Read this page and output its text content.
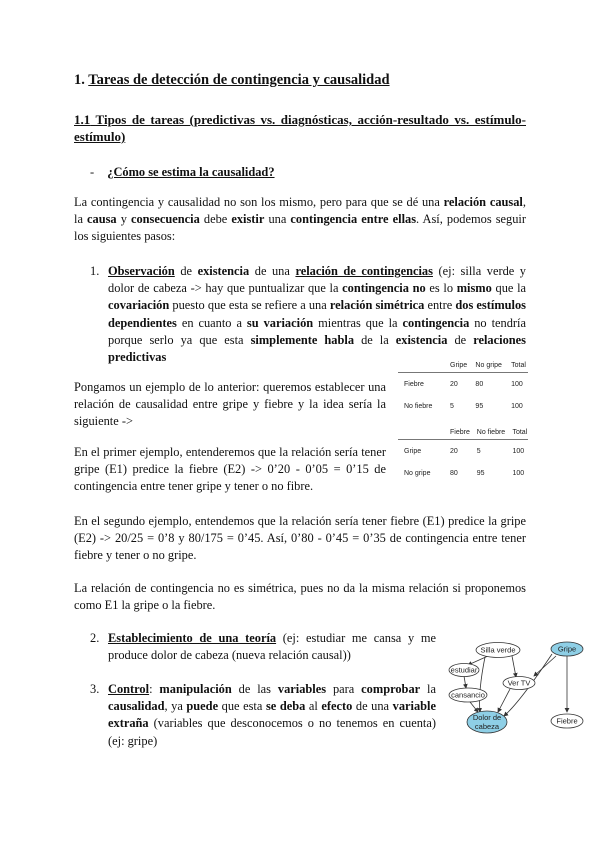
1. Tareas de detección de contingencia y causalidad
1.1 Tipos de tareas (predictivas vs. diagnósticas, acción-resultado vs. estímulo-estímulo)

- ¿Cómo se estima la causalidad?

La contingencia y causalidad no son los mismo, pero para que se dé una relación causal, la causa y consecuencia debe existir una contingencia entre ellas. Así, podemos seguir los siguientes pasos:

1. Observación de existencia de una relación de contingencias (ej: silla verde y dolor de cabeza -> hay que puntualizar que la contingencia no es lo mismo que la covariación puesto que esta se refiere a una relación simétrica entre dos estímulos dependientes en cuanto a su variación mientras que la contingencia no tendría porque serlo ya que esta simplemente habla de la existencia de relaciones predictivas

Pongamos un ejemplo de lo anterior: queremos establecer una relación de causalidad entre gripe y fiebre y la idea sería la siguiente ->

En el primer ejemplo, entenderemos que la relación sería tener gripe (E1) predice la fiebre (E2) -> 0’20 - 0’05 = 0’15 de contingencia entre tener gripe y tener o no fibre.

	Gripe	No gripe	Total
Fiebre	20	80	100
No fiebre	5	95	100
	Fiebre	No fiebre	Total
Gripe	20	5	100
No gripe	80	95	100

En el segundo ejemplo, entendemos que la relación sería tener fiebre (E1) predice la gripe (E2) -> 20/25 = 0’8 y 80/175 = 0’45. Así, 0’80 - 0’45 = 0’35 de contingencia entre tener fiebre y tener o no gripe.

La relación de contingencia no es simétrica, pues no da la misma relación si proponemos como E1 la gripe o la fiebre.

2. Establecimiento de una teoría (ej: estudiar me cansa y me produce dolor de cabeza (nueva relación causal))

3. Control: manipulación de las variables para comprobar la causalidad, ya puede que esta se deba al efecto de una variable extraña (variables que desconocemos o no tenemos en cuenta) (ej: gripe)

Silla verde
estudiar
cansancio
Ver TV
Dolor de
cabeza
Gripe
Fiebre
